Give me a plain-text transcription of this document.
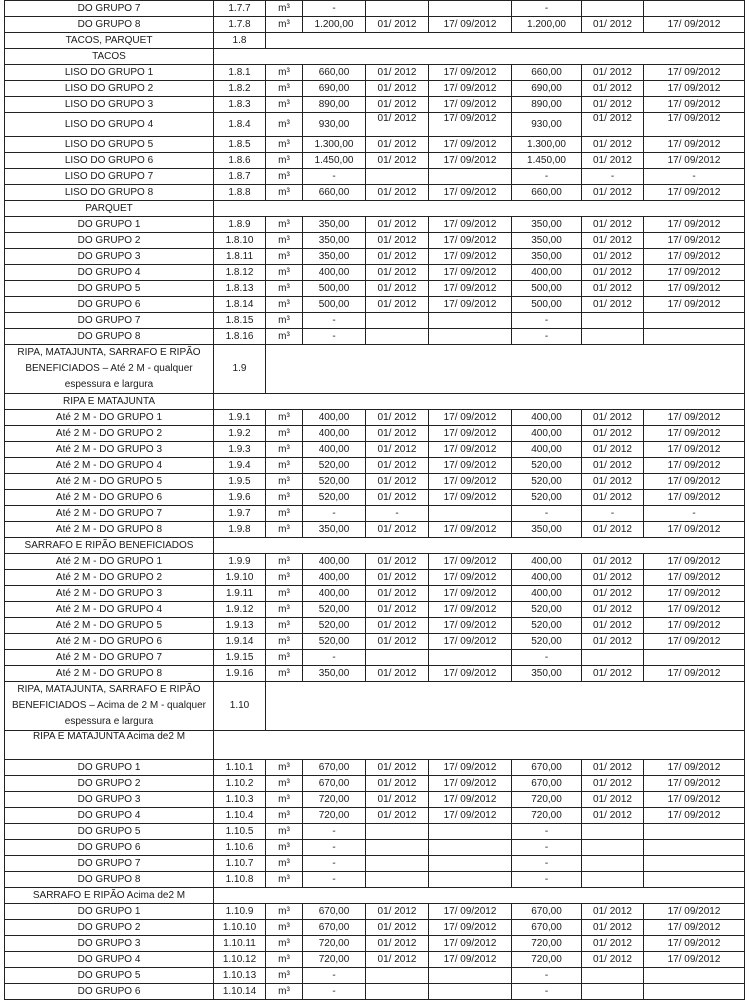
DO GRUPO 7	1.7.7	m³	-			-		
DO GRUPO 8	1.7.8	m³	1.200,00	01/ 2012	17/ 09/2012	1.200,00	01/ 2012	17/ 09/2012
TACOS, PARQUET	1.8							
TACOS								
LISO DO GRUPO 1	1.8.1	m³	660,00	01/ 2012	17/ 09/2012	660,00	01/ 2012	17/ 09/2012
LISO DO GRUPO 2	1.8.2	m³	690,00	01/ 2012	17/ 09/2012	690,00	01/ 2012	17/ 09/2012
LISO DO GRUPO 3	1.8.3	m³	890,00	01/ 2012	17/ 09/2012	890,00	01/ 2012	17/ 09/2012
LISO DO GRUPO 4	1.8.4	m³	930,00	01/ 2012	17/ 09/2012	930,00	01/ 2012	17/ 09/2012
LISO DO GRUPO 5	1.8.5	m³	1.300,00	01/ 2012	17/ 09/2012	1.300,00	01/ 2012	17/ 09/2012
LISO DO GRUPO 6	1.8.6	m³	1.450,00	01/ 2012	17/ 09/2012	1.450,00	01/ 2012	17/ 09/2012
LISO DO GRUPO 7	1.8.7	m³	-			-	-	-
LISO DO GRUPO 8	1.8.8	m³	660,00	01/ 2012	17/ 09/2012	660,00	01/ 2012	17/ 09/2012
PARQUET								
DO GRUPO 1	1.8.9	m³	350,00	01/ 2012	17/ 09/2012	350,00	01/ 2012	17/ 09/2012
DO GRUPO 2	1.8.10	m³	350,00	01/ 2012	17/ 09/2012	350,00	01/ 2012	17/ 09/2012
DO GRUPO 3	1.8.11	m³	350,00	01/ 2012	17/ 09/2012	350,00	01/ 2012	17/ 09/2012
DO GRUPO 4	1.8.12	m³	400,00	01/ 2012	17/ 09/2012	400,00	01/ 2012	17/ 09/2012
DO GRUPO 5	1.8.13	m³	500,00	01/ 2012	17/ 09/2012	500,00	01/ 2012	17/ 09/2012
DO GRUPO 6	1.8.14	m³	500,00	01/ 2012	17/ 09/2012	500,00	01/ 2012	17/ 09/2012
DO GRUPO 7	1.8.15	m³	-			-		
DO GRUPO 8	1.8.16	m³	-			-		
RIPA, MATAJUNTA, SARRAFO E RIPÃO BENEFICIADOS – Até 2 M - qualquer espessura e largura	1.9							
RIPA E MATAJUNTA								
Até 2 M - DO GRUPO 1	1.9.1	m³	400,00	01/ 2012	17/ 09/2012	400,00	01/ 2012	17/ 09/2012
Até 2 M - DO GRUPO 2	1.9.2	m³	400,00	01/ 2012	17/ 09/2012	400,00	01/ 2012	17/ 09/2012
Até 2 M - DO GRUPO 3	1.9.3	m³	400,00	01/ 2012	17/ 09/2012	400,00	01/ 2012	17/ 09/2012
Até 2 M - DO GRUPO 4	1.9.4	m³	520,00	01/ 2012	17/ 09/2012	520,00	01/ 2012	17/ 09/2012
Até 2 M - DO GRUPO 5	1.9.5	m³	520,00	01/ 2012	17/ 09/2012	520,00	01/ 2012	17/ 09/2012
Até 2 M - DO GRUPO 6	1.9.6	m³	520,00	01/ 2012	17/ 09/2012	520,00	01/ 2012	17/ 09/2012
Até 2 M - DO GRUPO 7	1.9.7	m³	-	-		-	-	-
Até 2 M - DO GRUPO 8	1.9.8	m³	350,00	01/ 2012	17/ 09/2012	350,00	01/ 2012	17/ 09/2012
SARRAFO E RIPÃO BENEFICIADOS								
Até 2 M - DO GRUPO 1	1.9.9	m³	400,00	01/ 2012	17/ 09/2012	400,00	01/ 2012	17/ 09/2012
Até 2 M - DO GRUPO 2	1.9.10	m³	400,00	01/ 2012	17/ 09/2012	400,00	01/ 2012	17/ 09/2012
Até 2 M - DO GRUPO 3	1.9.11	m³	400,00	01/ 2012	17/ 09/2012	400,00	01/ 2012	17/ 09/2012
Até 2 M - DO GRUPO 4	1.9.12	m³	520,00	01/ 2012	17/ 09/2012	520,00	01/ 2012	17/ 09/2012
Até 2 M - DO GRUPO 5	1.9.13	m³	520,00	01/ 2012	17/ 09/2012	520,00	01/ 2012	17/ 09/2012
Até 2 M - DO GRUPO 6	1.9.14	m³	520,00	01/ 2012	17/ 09/2012	520,00	01/ 2012	17/ 09/2012
Até 2 M - DO GRUPO 7	1.9.15	m³	-			-		
Até 2 M - DO GRUPO 8	1.9.16	m³	350,00	01/ 2012	17/ 09/2012	350,00	01/ 2012	17/ 09/2012
RIPA, MATAJUNTA, SARRAFO E RIPÃO BENEFICIADOS – Acima de 2 M - qualquer espessura e largura	1.10							
RIPA E MATAJUNTA Acima de2 M								
DO GRUPO 1	1.10.1	m³	670,00	01/ 2012	17/ 09/2012	670,00	01/ 2012	17/ 09/2012
DO GRUPO 2	1.10.2	m³	670,00	01/ 2012	17/ 09/2012	670,00	01/ 2012	17/ 09/2012
DO GRUPO 3	1.10.3	m³	720,00	01/ 2012	17/ 09/2012	720,00	01/ 2012	17/ 09/2012
DO GRUPO 4	1.10.4	m³	720,00	01/ 2012	17/ 09/2012	720,00	01/ 2012	17/ 09/2012
DO GRUPO 5	1.10.5	m³	-			-		
DO GRUPO 6	1.10.6	m³	-			-		
DO GRUPO 7	1.10.7	m³	-			-		
DO GRUPO 8	1.10.8	m³	-			-		
SARRAFO E RIPÃO Acima de2 M								
DO GRUPO 1	1.10.9	m³	670,00	01/ 2012	17/ 09/2012	670,00	01/ 2012	17/ 09/2012
DO GRUPO 2	1.10.10	m³	670,00	01/ 2012	17/ 09/2012	670,00	01/ 2012	17/ 09/2012
DO GRUPO 3	1.10.11	m³	720,00	01/ 2012	17/ 09/2012	720,00	01/ 2012	17/ 09/2012
DO GRUPO 4	1.10.12	m³	720,00	01/ 2012	17/ 09/2012	720,00	01/ 2012	17/ 09/2012
DO GRUPO 5	1.10.13	m³	-			-		
DO GRUPO 6	1.10.14	m³	-			-		
